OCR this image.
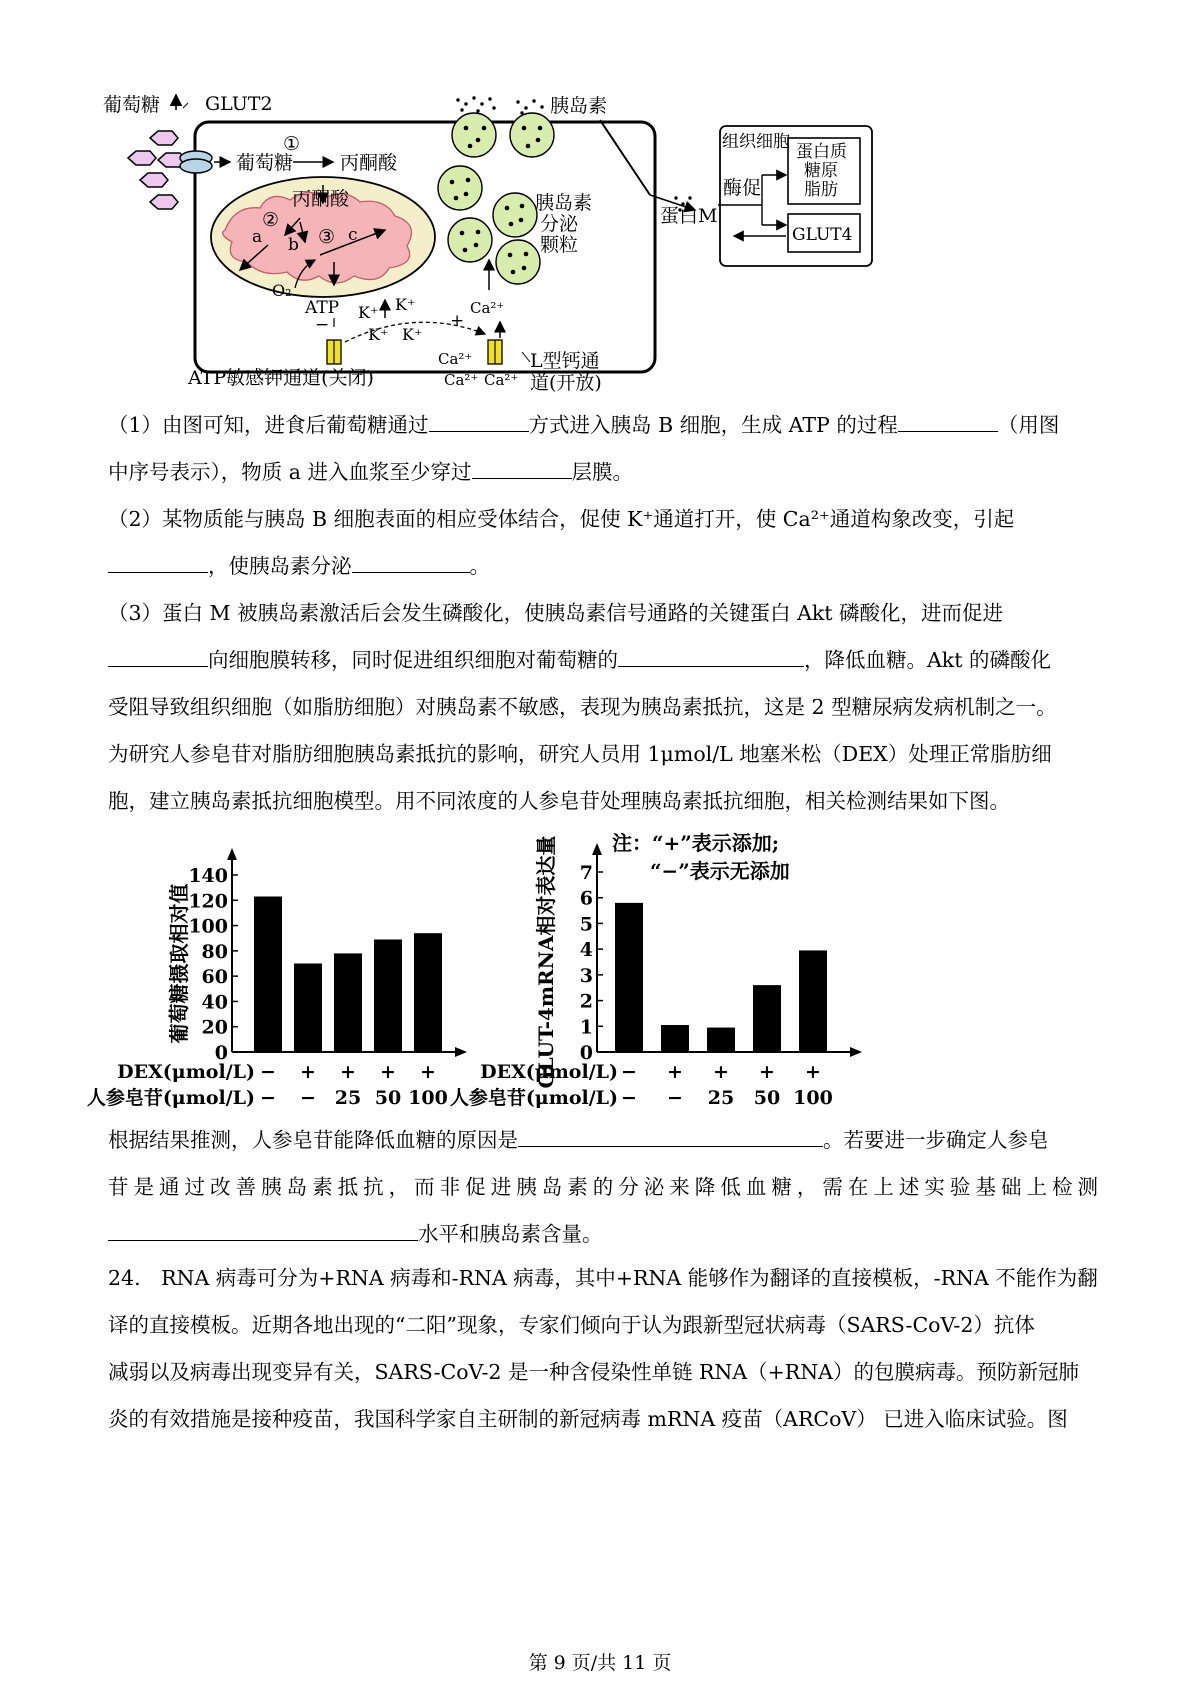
葡萄糖 GLUT2
葡萄糖
①
丙酮酸
丙酮酸
②
③
a b	c
O₂
ATP K⁺ K⁺
K⁺ K⁺
−	+
Ca²⁺
Ca²⁺
Ca²⁺ Ca²⁺
ATP敏感钾通道(关闭)
L型钙通
道(开放)
胰岛素
胰岛素
分泌
颗粒
蛋白M
组织细胞
酶促
蛋白质
糖原
脂肪
GLUT4
（1）由图可知，进食后葡萄糖通过	方式进入胰岛 B 细胞，生成 ATP 的过程	（用图
中序号表示），物质 a 进入血浆至少穿过	层膜。
（2）某物质能与胰岛 B 细胞表面的相应受体结合，促使 K⁺通道打开，使 Ca²⁺通道构象改变，引起
，使胰岛素分泌	。
（3）蛋白 M 被胰岛素激活后会发生磷酸化，使胰岛素信号通路的关键蛋白 Akt 磷酸化，进而促进
向细胞膜转移，同时促进组织细胞对葡萄糖的	，降低血糖。Akt 的磷酸化
受阻导致组织细胞（如脂肪细胞）对胰岛素不敏感，表现为胰岛素抵抗，这是 2 型糖尿病发病机制之一。
为研究人参皂苷对脂肪细胞胰岛素抵抗的影响，研究人员用 1μmol/L 地塞米松（DEX）处理正常脂肪细
胞，建立胰岛素抵抗细胞模型。用不同浓度的人参皂苷处理胰岛素抵抗细胞，相关检测结果如下图。
0
20
40
60
80
100
120
140
葡萄糖摄取相对值
−
−
+
−
+
25
+
50
+
100
DEX(μmol/L)
人参皂苷(μmol/L)
0
1
2
3
4
5
6
7
GLUT-4mRNA相对表达量	−
−
+
−
+
25
+
50
+
100
DEX(μmol/L)
人参皂苷(μmol/L)
注：“+”表示添加;
“−”表示无添加
根据结果推测，人参皂苷能降低血糖的原因是	。若要进一步确定人参皂
苷是通过改善胰岛素抵抗，而非促进胰岛素的分泌来降低血糖，需在上述实验基础上检测
水平和胰岛素含量。
24.　RNA 病毒可分为+RNA 病毒和-RNA 病毒，其中+RNA 能够作为翻译的直接模板，-RNA 不能作为翻
译的直接模板。近期各地出现的“二阳”现象，专家们倾向于认为跟新型冠状病毒（SARS-CoV-2）抗体
减弱以及病毒出现变异有关，SARS-CoV-2 是一种含侵染性单链 RNA（+RNA）的包膜病毒。预防新冠肺
炎的有效措施是接种疫苗，我国科学家自主研制的新冠病毒 mRNA 疫苗（ARCoV） 已进入临床试验。图
第 9 页/共 11 页
